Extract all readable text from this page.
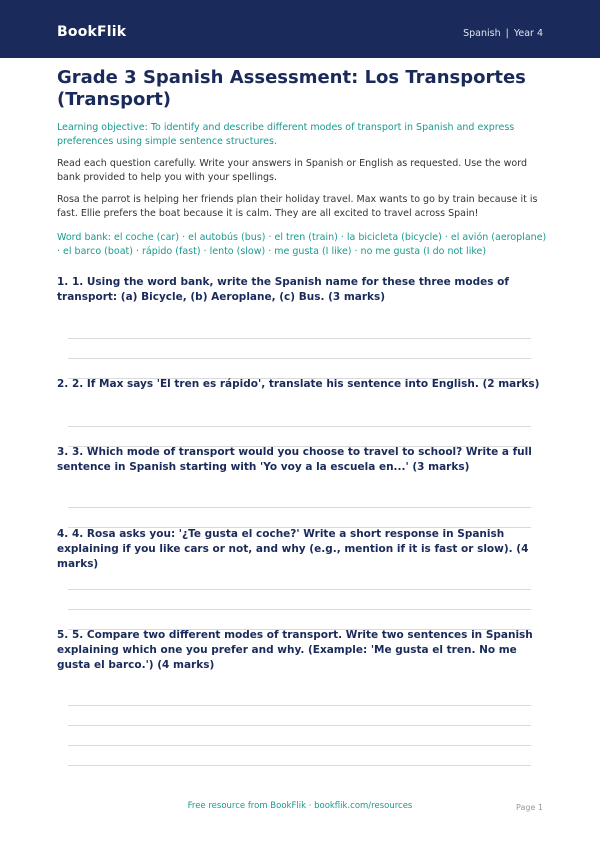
BookFlik	Spanish | Year 4
Grade 3 Spanish Assessment: Los Transportes (Transport)

Learning objective: To identify and describe different modes of transport in Spanish and express preferences using simple sentence structures.

Read each question carefully. Write your answers in Spanish or English as requested. Use the word bank provided to help you with your spellings.

Rosa the parrot is helping her friends plan their holiday travel. Max wants to go by train because it is fast. Ellie prefers the boat because it is calm. They are all excited to travel across Spain!

Word bank: el coche (car) · el autobús (bus) · el tren (train) · la bicicleta (bicycle) · el avión (aeroplane) · el barco (boat) · rápido (fast) · lento (slow) · me gusta (I like) · no me gusta (I do not like)

1. 1. Using the word bank, write the Spanish name for these three modes of transport: (a) Bicycle, (b) Aeroplane, (c) Bus. (3 marks)

2. 2. If Max says 'El tren es rápido', translate his sentence into English. (2 marks)

3. 3. Which mode of transport would you choose to travel to school? Write a full sentence in Spanish starting with 'Yo voy a la escuela en...' (3 marks)

4. 4. Rosa asks you: '¿Te gusta el coche?' Write a short response in Spanish explaining if you like cars or not, and why (e.g., mention if it is fast or slow). (4 marks)

5. 5. Compare two different modes of transport. Write two sentences in Spanish explaining which one you prefer and why. (Example: 'Me gusta el tren. No me gusta el barco.') (4 marks)

Free resource from BookFlik · bookflik.com/resources	Page 1
